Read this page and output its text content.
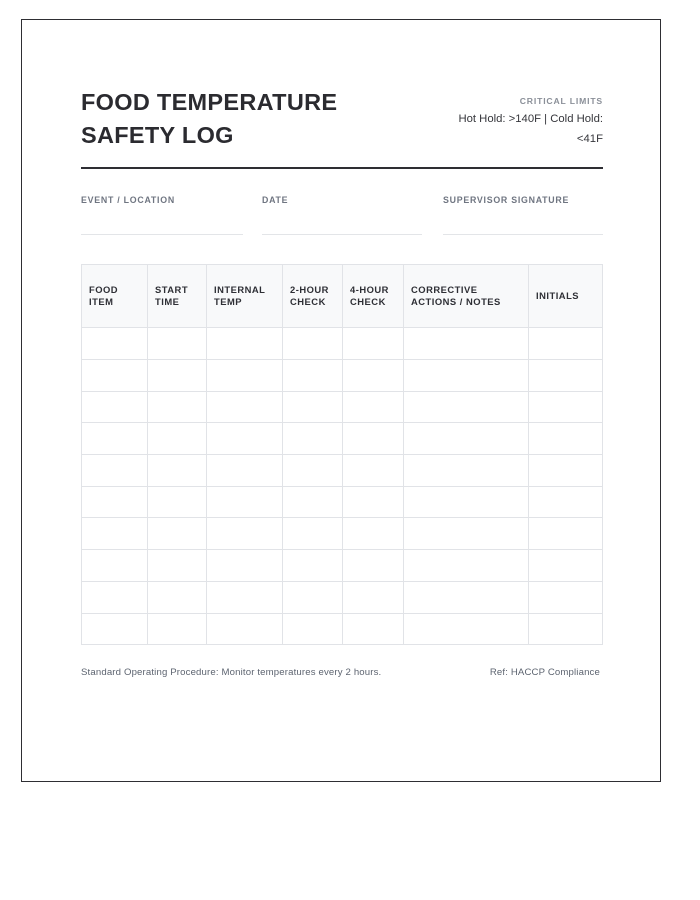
FOOD TEMPERATURE
SAFETY LOG
CRITICAL LIMITS
Hot Hold: >140F | Cold Hold: <41F
EVENT / LOCATION	DATE	SUPERVISOR SIGNATURE
FOOD ITEM	START TIME	INTERNAL TEMP	2-HOUR CHECK	4-HOUR CHECK	CORRECTIVE ACTIONS / NOTES	INITIALS

Standard Operating Procedure: Monitor temperatures every 2 hours.	Ref: HACCP Compliance
